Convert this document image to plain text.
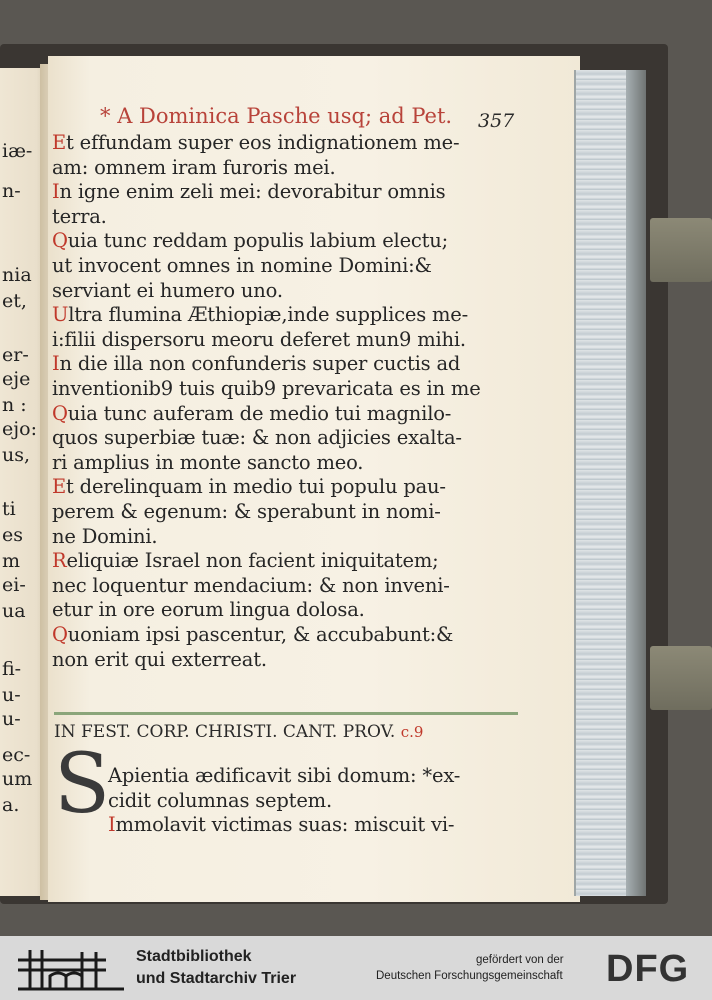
iæ-
n-
nia
et,
er-
eje
n :
ejo:
us,
ti
es
m
ei-
ua
fi-
u-
u-
ec-
um
a.
* A Dominica Pasche usq; ad Pet. 357
IN FEST. CORP. CHRISTI. CANT. PROV. c.9
S
Et effundam super eos indignationem me-
am: omnem iram furoris mei.
In igne enim zeli mei: devorabitur omnis
terra.
Quia tunc reddam populis labium electu;
ut invocent omnes in nomine Domini:&
serviant ei humero uno.
Ultra flumina Æthiopiæ,inde supplices me-
i:filii dispersoru meoru deferet mun9 mihi.
In die illa non confunderis super cuctis ad
inventionib9 tuis quib9 prevaricata es in me
Quia tunc auferam de medio tui magnilo-
quos superbiæ tuæ: & non adjicies exalta-
ri amplius in monte sancto meo.
Et derelinquam in medio tui populu pau-
perem & egenum: & sperabunt in nomi-
ne Domini.
Reliquiæ Israel non facient iniquitatem;
nec loquentur mendacium: & non inveni-
etur in ore eorum lingua dolosa.
Quoniam ipsi pascentur, & accubabunt:&
non erit qui exterreat.
Apientia ædificavit sibi domum: *ex-
cidit columnas septem.
Immolavit victimas suas: miscuit vi-
Stadtbibliothek
und Stadtarchiv Trier
gefördert von der
Deutschen Forschungsgemeinschaft DFG
